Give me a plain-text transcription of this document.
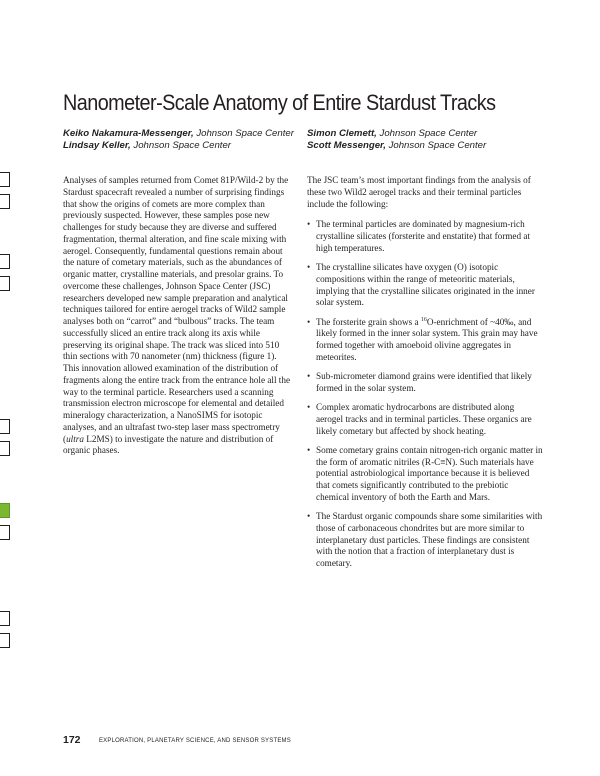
Nanometer-Scale Anatomy of Entire Stardust Tracks
Keiko Nakamura-Messenger, Johnson Space Center
Lindsay Keller, Johnson Space Center
Simon Clemett, Johnson Space Center
Scott Messenger, Johnson Space Center

Analyses of samples returned from Comet 81P/Wild-2 by the Stardust spacecraft revealed a number of surprising findings that show the origins of comets are more complex than previously suspected. However, these samples pose new challenges for study because they are diverse and suffered fragmentation, thermal alteration, and fine scale mixing with aerogel. Consequently, fundamental questions remain about the nature of cometary materials, such as the abundances of organic matter, crystalline materials, and presolar grains. To overcome these challenges, Johnson Space Center (JSC) researchers developed new sample preparation and analytical techniques tailored for entire aerogel tracks of Wild2 sample analyses both on “carrot” and “bulbous” tracks. The team successfully sliced an entire track along its axis while preserving its original shape. The track was sliced into 510 thin sections with 70 nanometer (nm) thickness (figure 1). This innovation allowed examination of the distribution of fragments along the entire track from the entrance hole all the way to the terminal particle. Researchers used a scanning transmission electron microscope for elemental and detailed mineralogy characterization, a NanoSIMS for isotopic analyses, and an ultrafast two-step laser mass spectrometry (ultra L2MS) to investigate the nature and distribution of organic phases.

The JSC team’s most important findings from the analysis of these two Wild2 aerogel tracks and their terminal particles include the following:

• The terminal particles are dominated by magnesium-rich crystalline silicates (forsterite and enstatite) that formed at high temperatures.
• The crystalline silicates have oxygen (O) isotopic compositions within the range of meteoritic materials, implying that the crystalline silicates originated in the inner solar system.
• The forsterite grain shows a $^{16}$O-enrichment of ~40‰, and likely formed in the inner solar system. This grain may have formed together with amoeboid olivine aggregates in meteorites.
• Sub-micrometer diamond grains were identified that likely formed in the solar system.
• Complex aromatic hydrocarbons are distributed along aerogel tracks and in terminal particles. These organics are likely cometary but affected by shock heating.
• Some cometary grains contain nitrogen-rich organic matter in the form of aromatic nitriles (R-C≡N). Such materials have potential astrobiological importance because it is believed that comets significantly contributed to the prebiotic chemical inventory of both the Earth and Mars.
• The Stardust organic compounds share some similarities with those of carbonaceous chondrites but are more similar to interplanetary dust particles. These findings are consistent with the notion that a fraction of interplanetary dust is cometary.
172	EXPLORATION, PLANETARY SCIENCE, AND SENSOR SYSTEMS
